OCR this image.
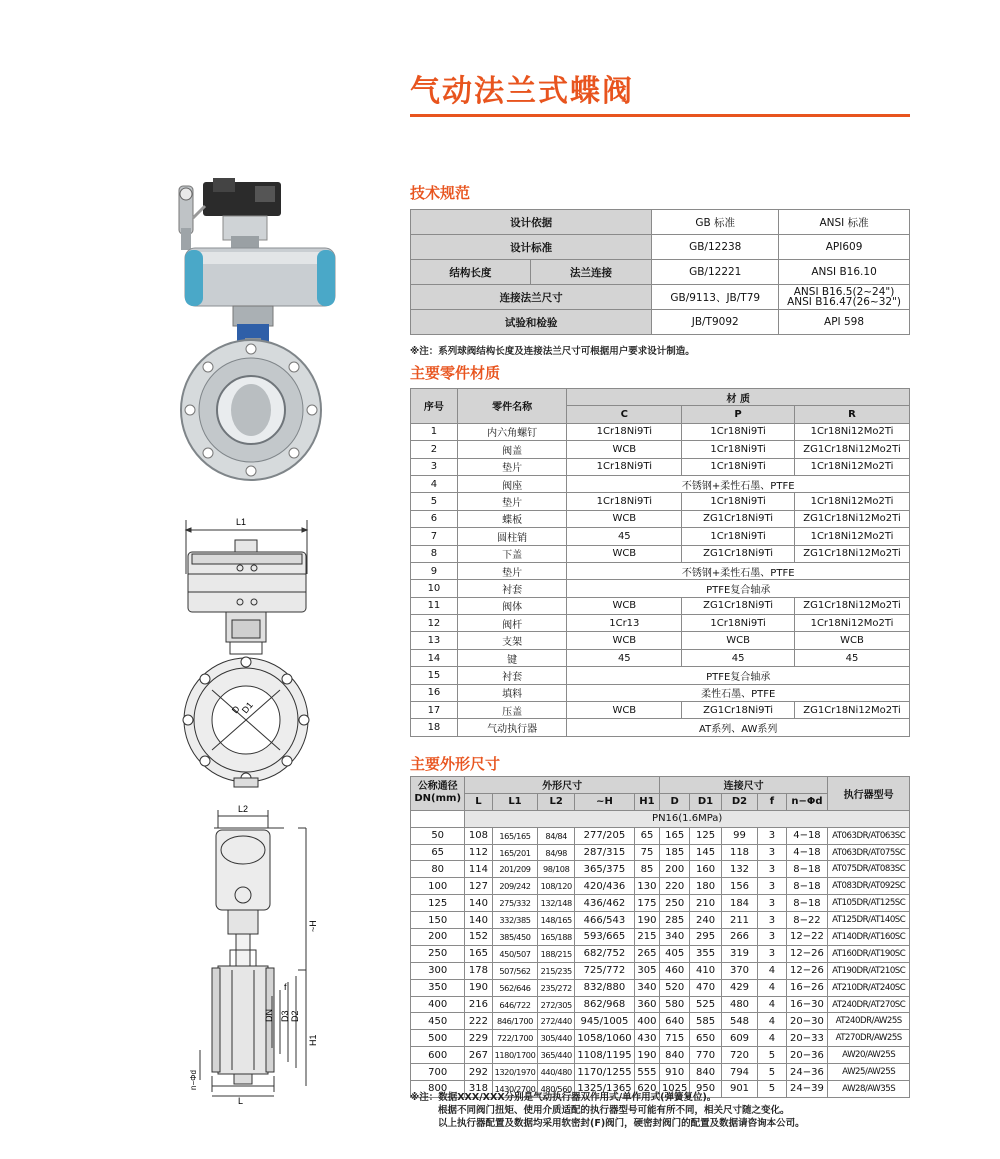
气动法兰式蝶阀
L1
D
D1
L2
~H
DN D3 D2
f
H1
L
n−Φd
技术规范
设计依据		GB 标准	ANSI 标准
设计标准		GB/12238	API609
结构长度	法兰连接	GB/12221	ANSI B16.10
连接法兰尺寸		GB/9113、JB/T79	ANSI B16.5(2~24")
ANSI B16.47(26~32")

试验和检验		JB/T9092	API 598
※注：系列球阀结构长度及连接法兰尺寸可根据用户要求设计制造。
主要零件材质
序号	零件名称	材 质		
		C	P	R
1	内六角螺钉	1Cr18Ni9Ti	1Cr18Ni9Ti	1Cr18Ni12Mo2Ti
2	阀盖	WCB	1Cr18Ni9Ti	ZG1Cr18Ni12Mo2Ti
3	垫片	1Cr18Ni9Ti	1Cr18Ni9Ti	1Cr18Ni12Mo2Ti
4	阀座	不锈钢+柔性石墨、PTFE		
5	垫片	1Cr18Ni9Ti	1Cr18Ni9Ti	1Cr18Ni12Mo2Ti
6	蝶板	WCB	ZG1Cr18Ni9Ti	ZG1Cr18Ni12Mo2Ti
7	圆柱销	45	1Cr18Ni9Ti	1Cr18Ni12Mo2Ti
8	下盖	WCB	ZG1Cr18Ni9Ti	ZG1Cr18Ni12Mo2Ti
9	垫片	不锈钢+柔性石墨、PTFE		
10	衬套	PTFE复合轴承		
11	阀体	WCB	ZG1Cr18Ni9Ti	ZG1Cr18Ni12Mo2Ti
12	阀杆	1Cr13	1Cr18Ni9Ti	1Cr18Ni12Mo2Ti
13	支架	WCB	WCB	WCB
14	键	45	45	45
15	衬套	PTFE复合轴承		
16	填料	柔性石墨、PTFE		
17	压盖	WCB	ZG1Cr18Ni9Ti	ZG1Cr18Ni12Mo2Ti
18	气动执行器	AT系列、AW系列		
主要外形尺寸
公称通径
DN(mm)	外形尺寸					连接尺寸					执行器型号
	L	L1	L2	~H	H1	D	D1	D2	f	n−Φd	
	PN16(1.6MPa)										
50	108	165/165	84/84	277/205	65	165	125	99	3	4−18	AT063DR/AT063SC
65	112	165/201	84/98	287/315	75	185	145	118	3	4−18	AT063DR/AT075SC
80	114	201/209	98/108	365/375	85	200	160	132	3	8−18	AT075DR/AT083SC
100	127	209/242	108/120	420/436	130	220	180	156	3	8−18	AT083DR/AT092SC
125	140	275/332	132/148	436/462	175	250	210	184	3	8−18	AT105DR/AT125SC
150	140	332/385	148/165	466/543	190	285	240	211	3	8−22	AT125DR/AT140SC
200	152	385/450	165/188	593/665	215	340	295	266	3	12−22	AT140DR/AT160SC
250	165	450/507	188/215	682/752	265	405	355	319	3	12−26	AT160DR/AT190SC
300	178	507/562	215/235	725/772	305	460	410	370	4	12−26	AT190DR/AT210SC
350	190	562/646	235/272	832/880	340	520	470	429	4	16−26	AT210DR/AT240SC
400	216	646/722	272/305	862/968	360	580	525	480	4	16−30	AT240DR/AT270SC
450	222	846/1700	272/440	945/1005	400	640	585	548	4	20−30	AT240DR/AW25S
500	229	722/1700	305/440	1058/1060	430	715	650	609	4	20−33	AT270DR/AW25S
600	267	1180/1700	365/440	1108/1195	190	840	770	720	5	20−36	AW20/AW25S
700	292	1320/1970	440/480	1170/1255	555	910	840	794	5	24−36	AW25/AW25S
800	318	1430/2700	480/560	1325/1365	620	1025	950	901	5	24−39	AW28/AW35S
※注：数据XXX/XXX分别是气动执行器双作用式/单作用式(弹簧复位)。
根据不同阀门扭矩、使用介质适配的执行器型号可能有所不同，相关尺寸随之变化。
以上执行器配置及数据均采用软密封(F)阀门，硬密封阀门的配置及数据请咨询本公司。
